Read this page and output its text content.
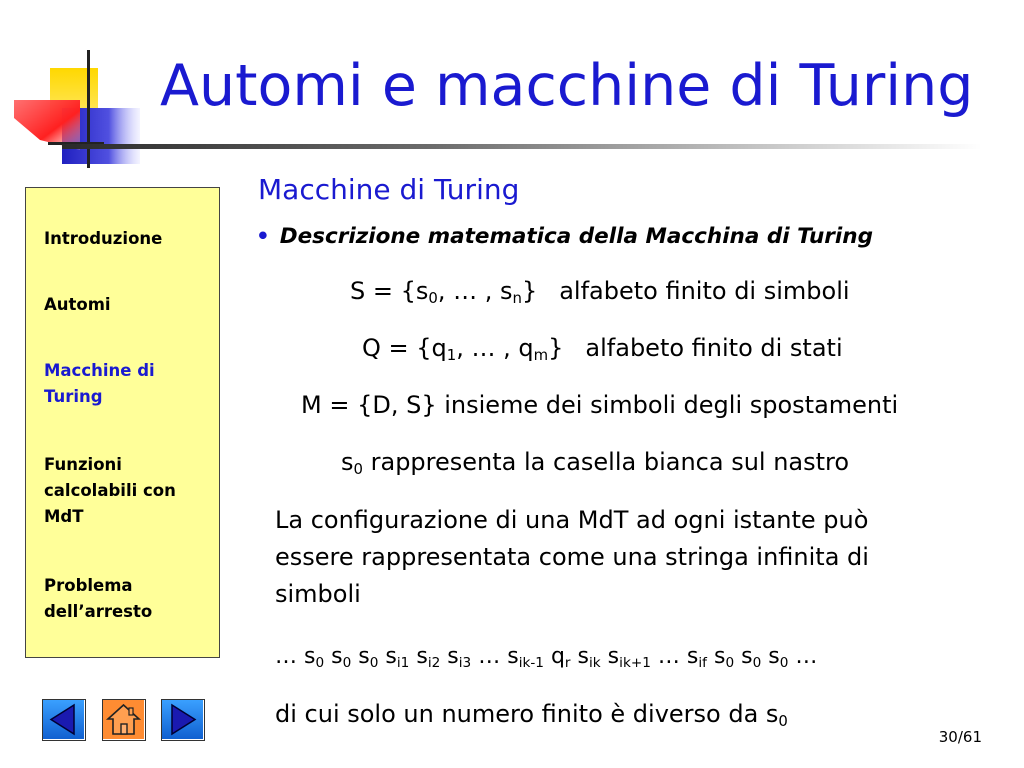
Automi e macchine di Turing
Introduzione
Automi
Macchine di Turing
Funzioni calcolabili con MdT
Problema dell’arresto
Macchine di Turing
• Descrizione matematica della Macchina di Turing
$S = \{s_0$, … , $s_n$} alfabeto finito di simboli
$Q = \{q_1$, … , $q_m$} alfabeto finito di stati
M = {D, S} insieme dei simboli degli spostamenti
$s_0$ rappresenta la casella bianca sul nastro
La configurazione di una MdT ad ogni istante può
essere rappresentata come una stringa infinita di
simboli
… $s_0$ $s_0$ $s_0$ $s_{i1}$ $s_{i2}$ $s_{i3}$ … $s_{ik-1}$ $q_r$ $s_{ik}$ $s_{ik+1}$ … $s_{if}$ $s_0$ $s_0$ $s_0$ …
di cui solo un numero finito è diverso da $s_0$
30/61
